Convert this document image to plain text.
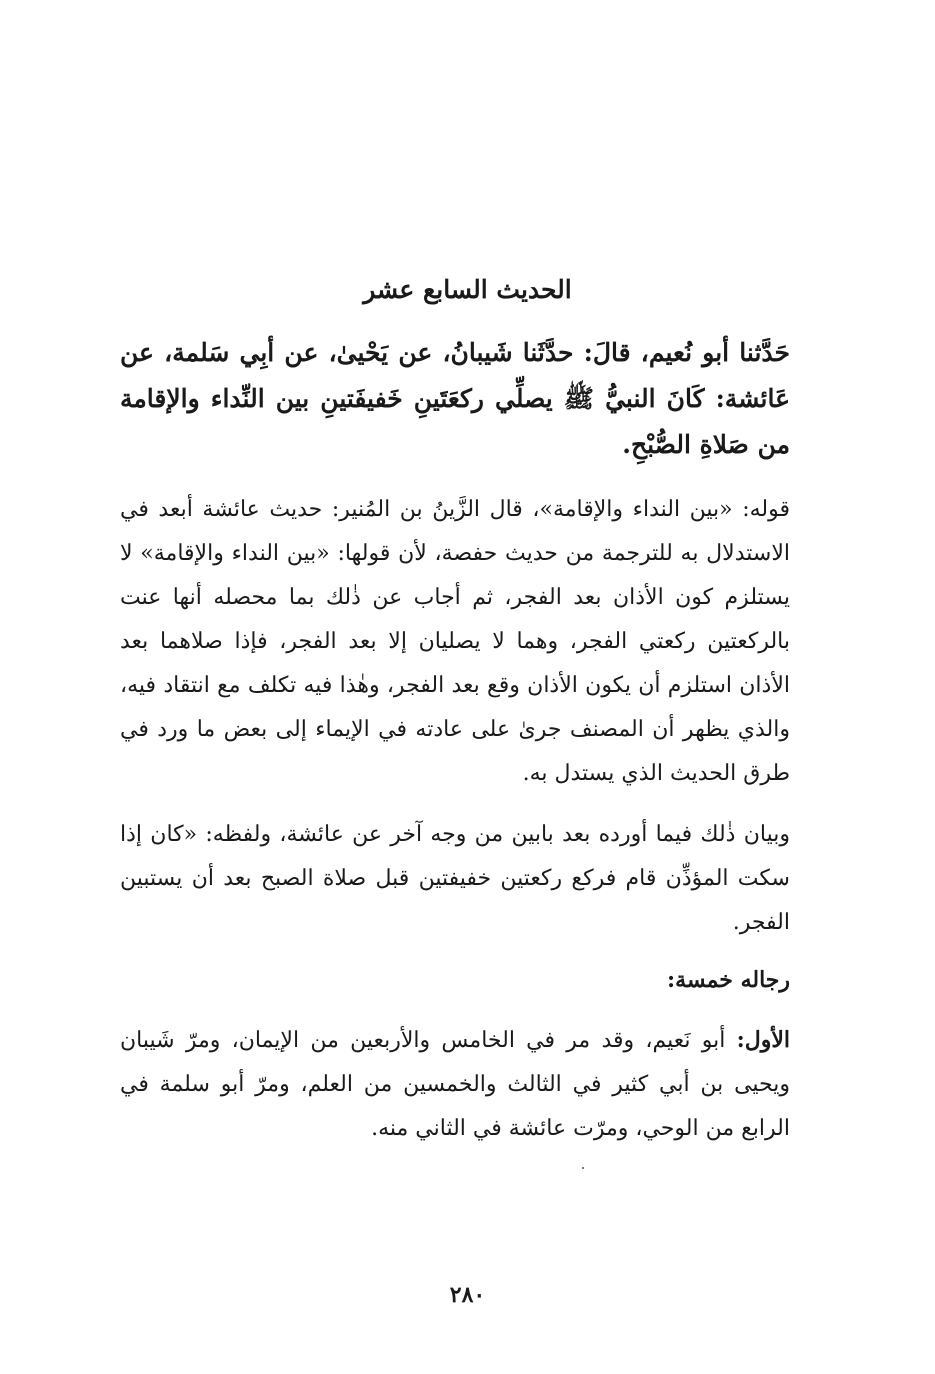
الحديث السابع عشر
حَدَّثنا أبو نُعيم، قالَ: حدَّثَنا شَيبانُ، عن يَحْيىٰ، عن أبِي سَلمة، عن عَائشة: كَانَ النبيُّ ﷺ يصلِّي ركعَتَينِ خَفيفَتينِ بين النِّداء والإقامة من صَلاةِ الصُّبْحِ.
قوله: «بين النداء والإقامة»، قال الزَّينُ بن المُنير: حديث عائشة أبعد في الاستدلال به للترجمة من حديث حفصة، لأن قولها: «بين النداء والإقامة» لا يستلزم كون الأذان بعد الفجر، ثم أجاب عن ذٰلك بما محصله أنها عنت بالركعتين ركعتي الفجر، وهما لا يصليان إلا بعد الفجر، فإذا صلاهما بعد الأذان استلزم أن يكون الأذان وقع بعد الفجر، وهٰذا فيه تكلف مع انتقاد فيه، والذي يظهر أن المصنف جرىٰ على عادته في الإيماء إلى بعض ما ورد في طرق الحديث الذي يستدل به.
وبيان ذٰلك فيما أورده بعد بابين من وجه آخر عن عائشة، ولفظه: «كان إذا سكت المؤذِّن قام فركع ركعتين خفيفتين قبل صلاة الصبح بعد أن يستبين الفجر.
رجاله خمسة:
الأول: أبو نَعيم، وقد مر في الخامس والأربعين من الإيمان، ومرّ شَيبان ويحيى بن أبي كثير في الثالث والخمسين من العلم، ومرّ أبو سلمة في الرابع من الوحي، ومرّت عائشة في الثاني منه.
٢٨٠
